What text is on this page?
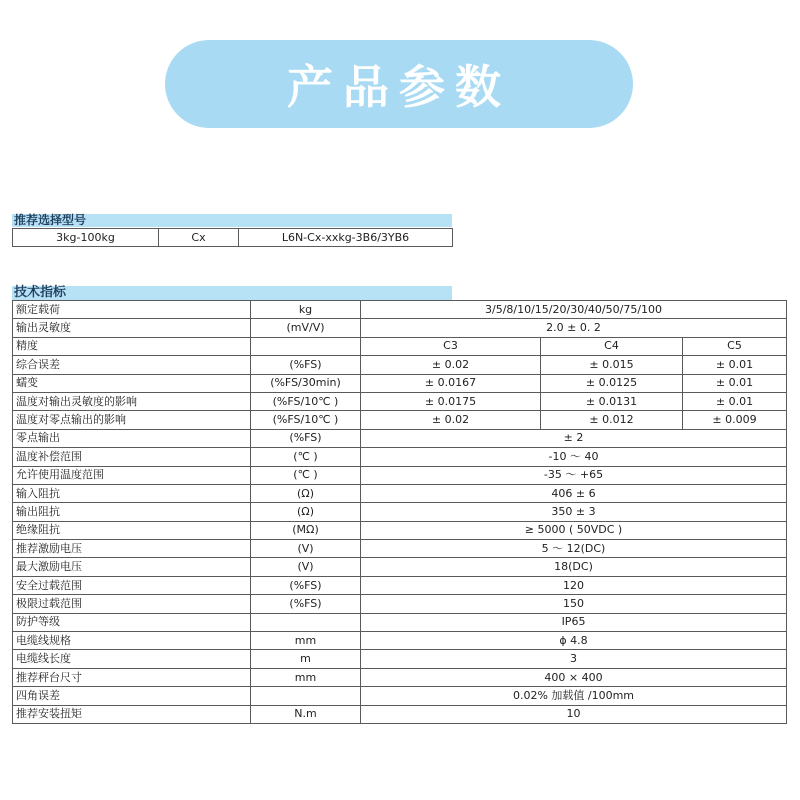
产品参数
推荐选择型号
3kg-100kg	Cx	L6N-Cx-xxkg-3B6/3YB6
技术指标
额定载荷	kg	3/5/8/10/15/20/30/40/50/75/100		
输出灵敏度	(mV/V)	2.0 ± 0. 2		
精度		C3	C4	C5
综合误差	(%FS)	± 0.02	± 0.015	± 0.01
蠕变	(%FS/30min)	± 0.0167	± 0.0125	± 0.01
温度对输出灵敏度的影响	(%FS/10℃ )	± 0.0175	± 0.0131	± 0.01
温度对零点输出的影响	(%FS/10℃ )	± 0.02	± 0.012	± 0.009
零点输出	(%FS)	± 2		
温度补偿范围	(℃ )	-10 ～ 40		
允许使用温度范围	(℃ )	-35 ～ +65		
输入阻抗	(Ω)	406 ± 6		
输出阻抗	(Ω)	350 ± 3		
绝缘阻抗	(MΩ)	≥ 5000 ( 50VDC )		
推荐激励电压	(V)	5 ～ 12(DC)		
最大激励电压	(V)	18(DC)		
安全过载范围	(%FS)	120		
极限过载范围	(%FS)	150		
防护等级		IP65		
电缆线规格	mm	ϕ 4.8		
电缆线长度	m	3		
推荐秤台尺寸	mm	400 × 400		
四角误差		0.02% 加载值 /100mm		
推荐安装扭矩	N.m	10		
